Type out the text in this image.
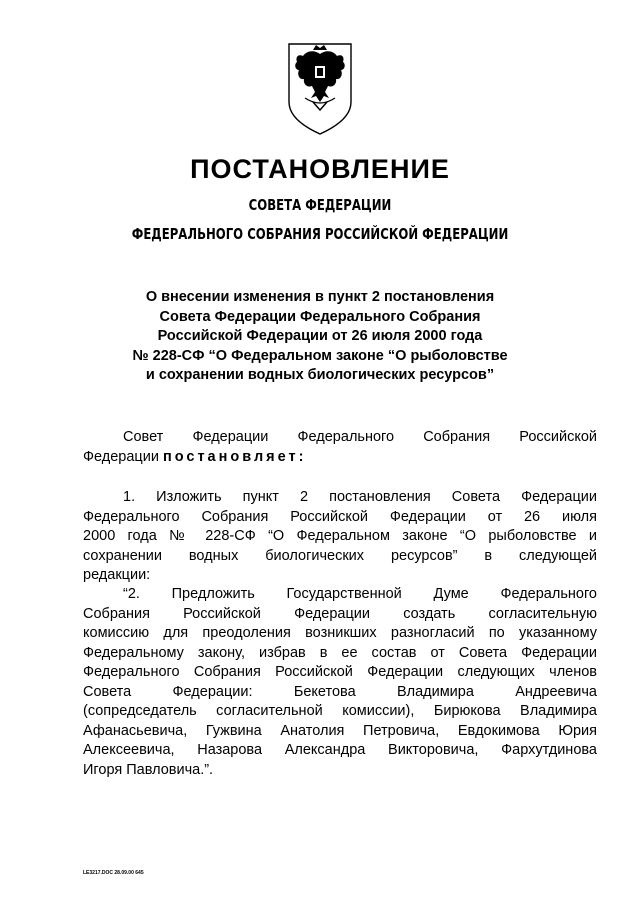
ПОСТАНОВЛЕНИЕ
СОВЕТА ФЕДЕРАЦИИ
ФЕДЕРАЛЬНОГО СОБРАНИЯ РОССИЙСКОЙ ФЕДЕРАЦИИ
О внесении изменения в пункт 2 постановления
Совета Федерации Федерального Собрания
Российской Федерации от 26 июля 2000 года
№ 228-СФ “О Федеральном законе “О рыболовстве
и сохранении водных биологических ресурсов”
Совет Федерации Федерального Собрания Российской
Федерации постановляет:
1. Изложить пункт 2 постановления Совета Федерации
Федерального Собрания Российской Федерации от 26 июля
2000 года № 228-СФ “О Федеральном законе “О рыболовстве и
сохранении водных биологических ресурсов” в следующей
редакции:
“2. Предложить Государственной Думе Федерального
Собрания Российской Федерации создать согласительную
комиссию для преодоления возникших разногласий по указанному
Федеральному закону, избрав в ее состав от Совета Федерации
Федерального Собрания Российской Федерации следующих членов
Совета Федерации: Бекетова Владимира Андреевича
(сопредседатель согласительной комиссии), Бирюкова Владимира
Афанасьевича, Гужвина Анатолия Петровича, Евдокимова Юрия
Алексеевича, Назарова Александра Викторовича, Фархутдинова
Игоря Павловича.”.
LE3217.DOC 28.09.00 645
